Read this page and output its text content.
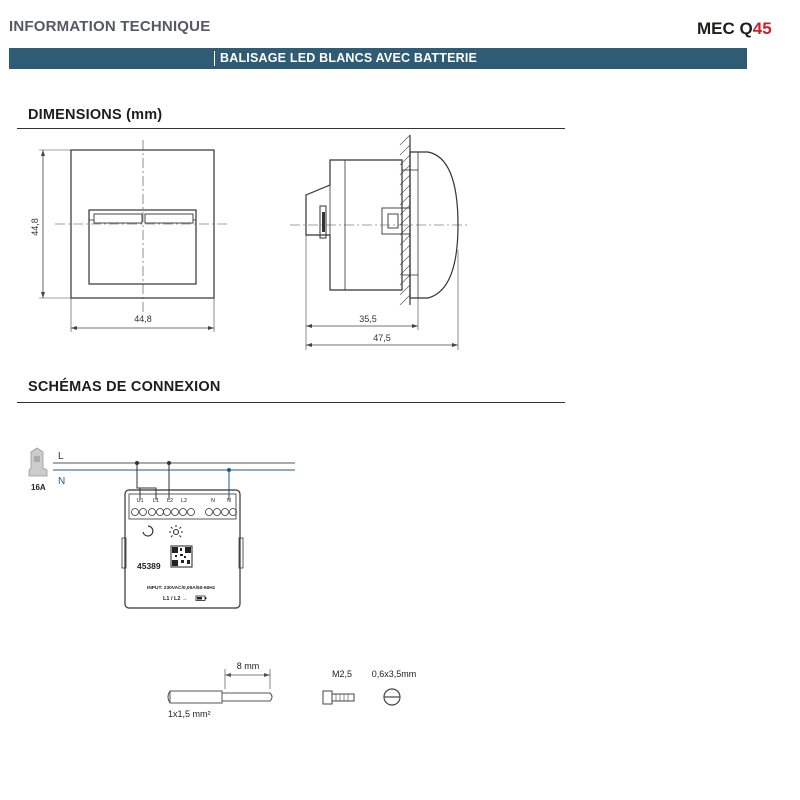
INFORMATION TECHNIQUE	MEC Q45
BALISAGE LED BLANCS AVEC BATTERIE
DIMENSIONS (mm)
44,8
44,8	35,5
47,5
SCHÉMAS DE CONNEXION
16A
L
N
U1 L1 L2 L2	N N
45389
INPUT: 230VAC/0,05A/50-60Hz
L1 / L2 →
8 mm
1x1,5 mm²
M2,5 0,6x3,5mm
